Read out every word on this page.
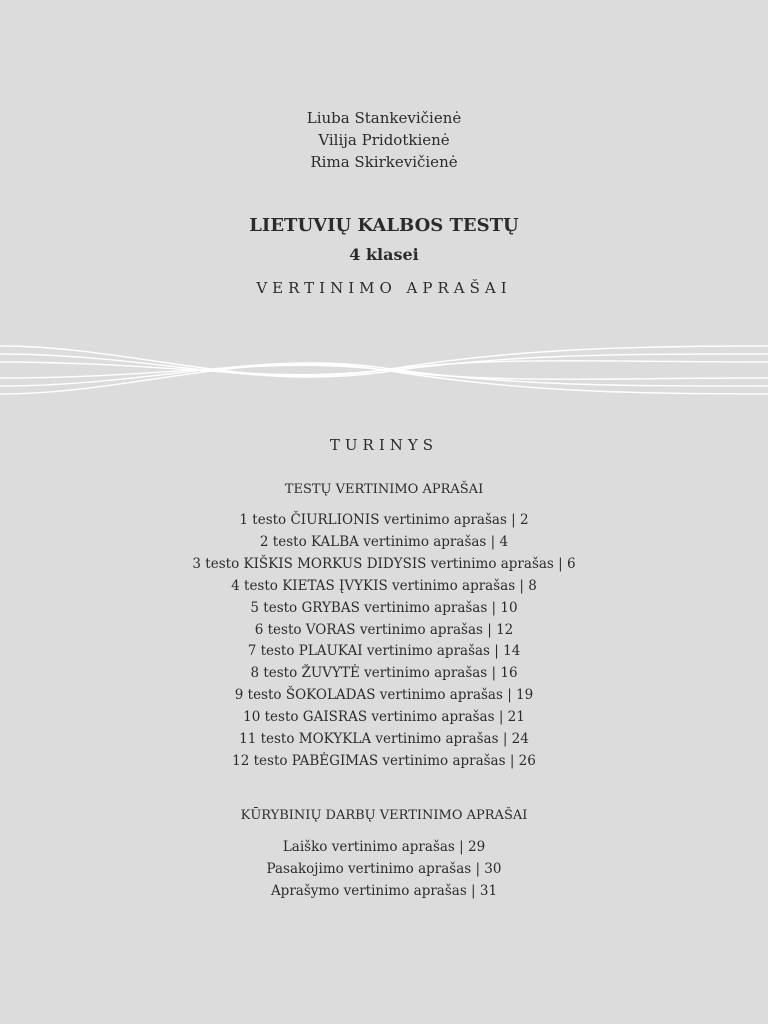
Liuba Stankevičienė
Vilija Pridotkienė
Rima Skirkevičienė
LIETUVIŲ KALBOS TESTŲ
4 klasei
VERTINIMO APRAŠAI
TURINYS
TESTŲ VERTINIMO APRAŠAI
1 testo ČIURLIONIS vertinimo aprašas | 2
2 testo KALBA vertinimo aprašas | 4
3 testo KIŠKIS MORKUS DIDYSIS vertinimo aprašas | 6
4 testo KIETAS ĮVYKIS vertinimo aprašas | 8
5 testo GRYBAS vertinimo aprašas | 10
6 testo VORAS vertinimo aprašas | 12
7 testo PLAUKAI vertinimo aprašas | 14
8 testo ŽUVYTĖ vertinimo aprašas | 16
9 testo ŠOKOLADAS vertinimo aprašas | 19
10 testo GAISRAS vertinimo aprašas | 21
11 testo MOKYKLA vertinimo aprašas | 24
12 testo PABĖGIMAS vertinimo aprašas | 26
KŪRYBINIŲ DARBŲ VERTINIMO APRAŠAI
Laiško vertinimo aprašas | 29
Pasakojimo vertinimo aprašas | 30
Aprašymo vertinimo aprašas | 31
